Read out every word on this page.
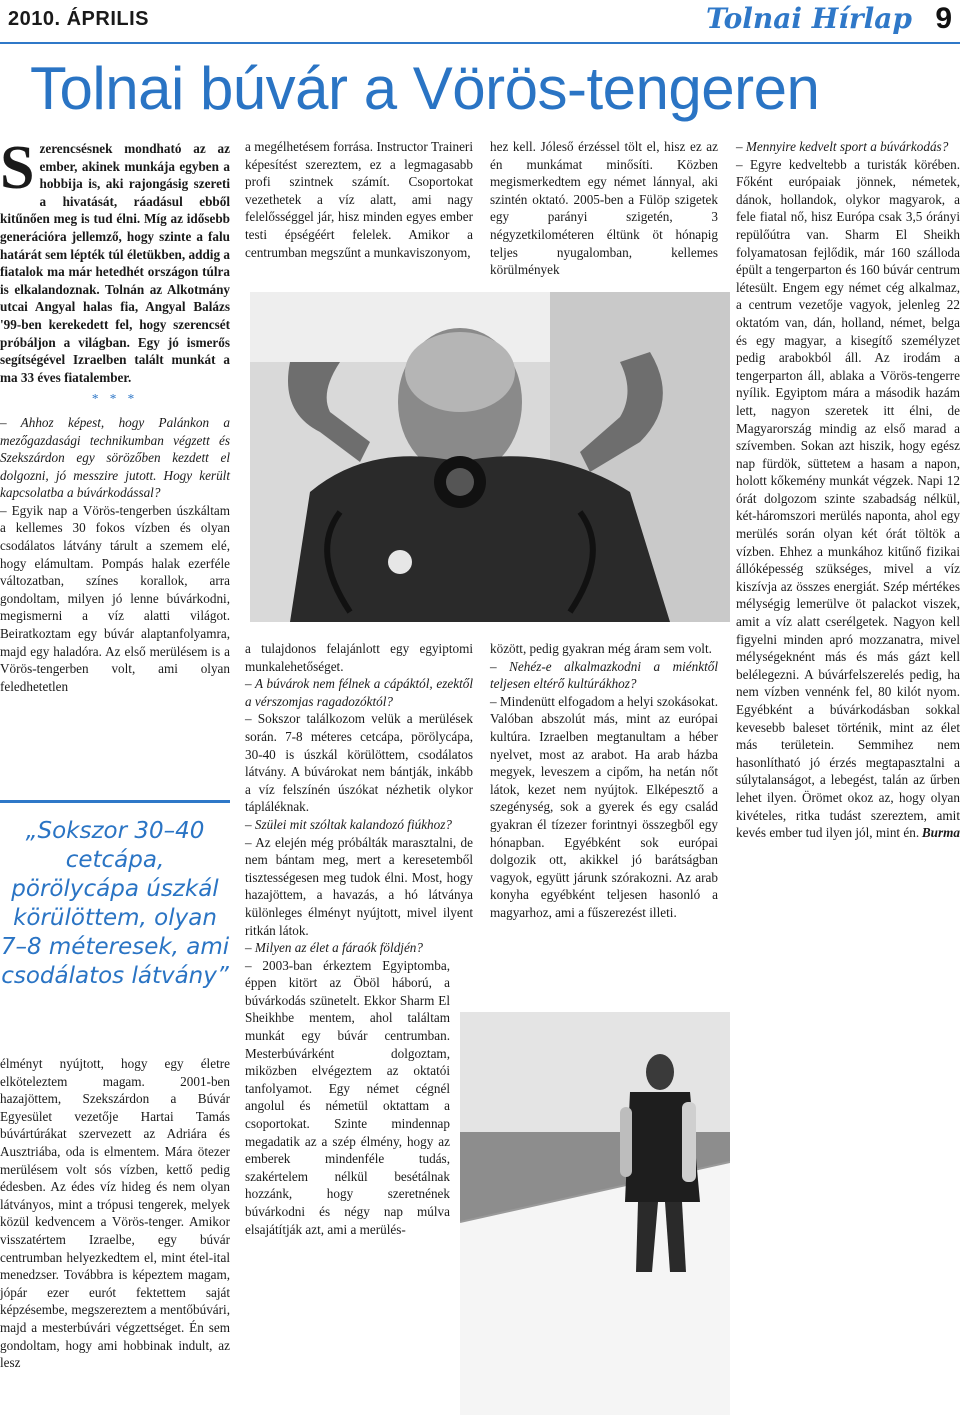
2010. ÁPRILIS	Tolnai Hírlap 9
Tolnai búvár a Vörös-tengeren

Szerencsésnek mondható az az ember, akinek munkája egyben a hobbija is, aki rajongásig szereti a hivatását, ráadásul ebből kitűnően meg is tud élni. Míg az idősebb generációra jellemző, hogy szinte a falu határát sem lépték túl életükben, addig a fiatalok ma már hetedhét országon túlra is elkalandoznak. Tolnán az Alkotmány utcai Angyal halas fia, Angyal Balázs '99-ben kerekedett fel, hogy szerencsét próbáljon a világban. Egy jó ismerős segítségével Izraelben talált munkát a ma 33 éves fiatalember.

* * *

– Ahhoz képest, hogy Palánkon a mezőgazdasági technikumban végzett és Szekszárdon egy sörözőben kezdett el dolgozni, jó messzire jutott. Hogy került kapcsolatba a búvárkodással?

– Egyik nap a Vörös-tengerben úszkáltam a kellemes 30 fokos vízben és olyan csodálatos látvány tárult a szemem elé, hogy elámultam. Pompás halak ezerféle változatban, színes korallok, arra gondoltam, milyen jó lenne búvárkodni, megismerni a víz alatti világot. Beiratkoztam egy búvár alaptanfolyamra, majd egy haladóra. Az első merülésem is a Vörös-tengerben volt, ami olyan feledhetetlen

„Sokszor 30–40 cetcápa, pörölycápa úszkál körülöttem, olyan 7–8 méteresek, ami csodálatos látvány”

élményt nyújtott, hogy egy életre elköteleztem magam. 2001-ben hazajöttem, Szekszárdon a Búvár Egyesület vezetője Hartai Tamás búvártúrákat szervezett az Adriára és Ausztriába, oda is elmentem. Mára ötezer merülésem volt sós vízben, kettő pedig édesben. Az édes víz hideg és nem olyan látványos, mint a trópusi tengerek, melyek közül kedvencem a Vörös-tenger. Amikor visszatértem Izraelbe, egy búvár centrumban helyezkedtem el, mint étel-ital menedzser. Továbbra is képeztem magam, jópár ezer eurót fektettem saját képzésembe, megszereztem a mentőbúvári, majd a mesterbúvári végzettséget. Én sem gondoltam, hogy ami hobbinak indult, az lesz

a megélhetésem forrása. Instructor Traineri képesítést szereztem, ez a legmagasabb profi szintnek számít. Csoportokat vezethetek a víz alatt, ami nagy felelősséggel jár, hisz minden egyes ember testi épségéért felelek. Amikor a centrumban megszűnt a munkaviszonyom,

hez kell. Jóleső érzéssel tölt el, hisz ez az én munkámat minősíti. Közben megismerkedtem egy német lánnyal, aki szintén oktató. 2005-ben a Fülöp szigetek egy parányi szigetén, 3 négyzetkilométeren éltünk öt hónapig teljes nyugalomban, kellemes körülmények

a tulajdonos felajánlott egy egyiptomi munkalehetőséget.

– A búvárok nem félnek a cápáktól, ezektől a vérszomjas ragadozóktól?

– Sokszor találkozom velük a merülések során. 7-8 méteres cetcápa, pörölycápa, 30-40 is úszkál körülöttem, csodálatos látvány. A búvárokat nem bántják, inkább a víz felszínén úszókat nézhetik olykor tápláléknak.

– Szülei mit szóltak kalandozó fiúkhoz?

– Az elején még próbálták marasztalni, de nem bántam meg, mert a keresetemből tisztességesen meg tudok élni. Most, hogy hazajöttem, a havazás, a hó látványa különleges élményt nyújtott, mivel ilyent ritkán látok.

– Milyen az élet a fáraók földjén?

– 2003-ban érkeztem Egyiptomba, éppen kitört az Öböl háború, a búvárkodás szünetelt. Ekkor Sharm El Sheikhbe mentem, ahol találtam munkát egy búvár centrumban. Mesterbúvárként dolgoztam, miközben elvégeztem az oktatói tanfolyamot. Egy német cégnél angolul és németül oktattam a csoportokat. Szinte mindennap megadatik az a szép élmény, hogy az emberek mindenféle tudás, szakértelem nélkül besétálnak hozzánk, hogy szeretnének búvárkodni és négy nap múlva elsajátítják azt, ami a merülés-

között, pedig gyakran még áram sem volt.

– Nehéz-e alkalmazkodni a miénktől teljesen eltérő kultúrákhoz?

– Mindenütt elfogadom a helyi szokásokat. Valóban abszolút más, mint az európai kultúra. Izraelben megtanultam a héber nyelvet, most az arabot. Ha arab házba megyek, leveszem a cipőm, ha netán nőt látok, kezet nem nyújtok. Elképesztő a szegénység, sok a gyerek és egy család gyakran él tízezer forintnyi összegből egy hónapban. Egyébként sok európai dolgozik ott, akikkel jó barátságban vagyok, együtt járunk szórakozni. Az arab konyha egyébként teljesen hasonló a magyarhoz, ami a fűszerezést illeti.

– Mennyire kedvelt sport a búvárkodás?

– Egyre kedveltebb a turisták körében. Főként európaiak jönnek, németek, dánok, hollandok, olykor magyarok, a fele fiatal nő, hisz Európa csak 3,5 órányi repülőútra van. Sharm El Sheikh folyamatosan fejlődik, már 160 szálloda épült a tengerparton és 160 búvár centrum létesült. Engem egy német cég alkalmaz, a centrum vezetője vagyok, jelenleg 22 oktatóm van, dán, holland, német, belga és egy magyar, a kisegítő személyzet pedig arabokból áll. Az irodám a tengerparton áll, ablaka a Vörös-tengerre nyílik. Egyiptom mára a második hazám lett, nagyon szeretek itt élni, de Magyarország mindig az első marad a szívemben. Sokan azt hiszik, hogy egész nap fürdök, sütteteм a hasam a napon, holott kőkemény munkát végzek. Napi 12 órát dolgozom szinte szabadság nélkül, két-háromszori merülés naponta, ahol egy merülés során olyan két órát töltök a vízben. Ehhez a munkához kitűnő fizikai állóképesség szükséges, mivel a víz kiszívja az összes energiát. Szép mértékes mélységig lemerülve öt palackot viszek, amit a víz alatt cserélgetek. Nagyon kell figyelni minden apró mozzanatra, mivel mélységeknént más és más gázt kell belélegezni. A búvárfelszerelés pedig, ha nem vízben vennénk fel, 80 kilót nyom. Egyébként a búvárkodásban sokkal kevesebb baleset történik, mint az élet más területein. Semmihez nem hasonlítható jó érzés megtapasztalni a súlytalanságot, a lebegést, talán az űrben lehet ilyen. Örömet okoz az, hogy olyan kivételes, ritka tudást szereztem, amit kevés ember tud ilyen jól, mint én. Burma
